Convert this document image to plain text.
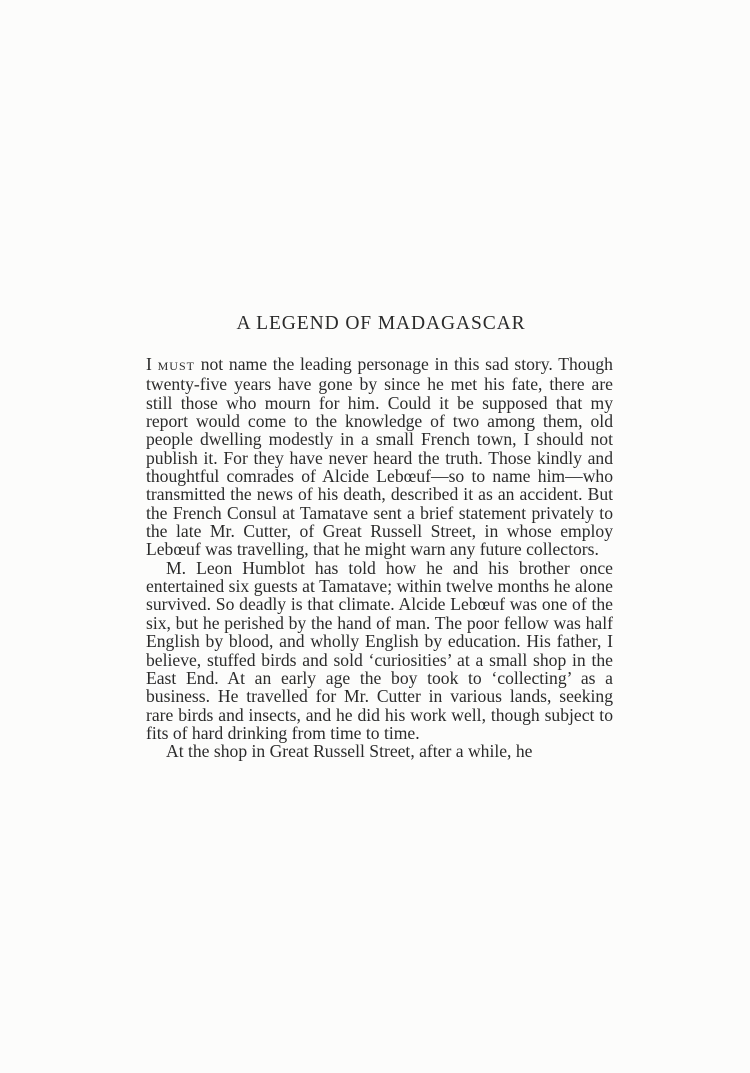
A LEGEND OF MADAGASCAR

I MUST not name the leading personage in this sad story. Though twenty-five years have gone by since he met his fate, there are still those who mourn for him. Could it be supposed that my report would come to the knowledge of two among them, old people dwelling modestly in a small French town, I should not publish it. For they have never heard the truth. Those kindly and thoughtful comrades of Alcide Lebœuf—so to name him—who transmitted the news of his death, described it as an accident. But the French Consul at Tamatave sent a brief statement privately to the late Mr. Cutter, of Great Russell Street, in whose employ Lebœuf was travelling, that he might warn any future collectors.

M. Leon Humblot has told how he and his brother once entertained six guests at Tamatave; within twelve months he alone survived. So deadly is that climate. Alcide Lebœuf was one of the six, but he perished by the hand of man. The poor fellow was half English by blood, and wholly English by education. His father, I believe, stuffed birds and sold ‘curiosities’ at a small shop in the East End. At an early age the boy took to ‘collecting’ as a business. He travelled for Mr. Cutter in various lands, seeking rare birds and insects, and he did his work well, though subject to fits of hard drinking from time to time.

At the shop in Great Russell Street, after a while, he
